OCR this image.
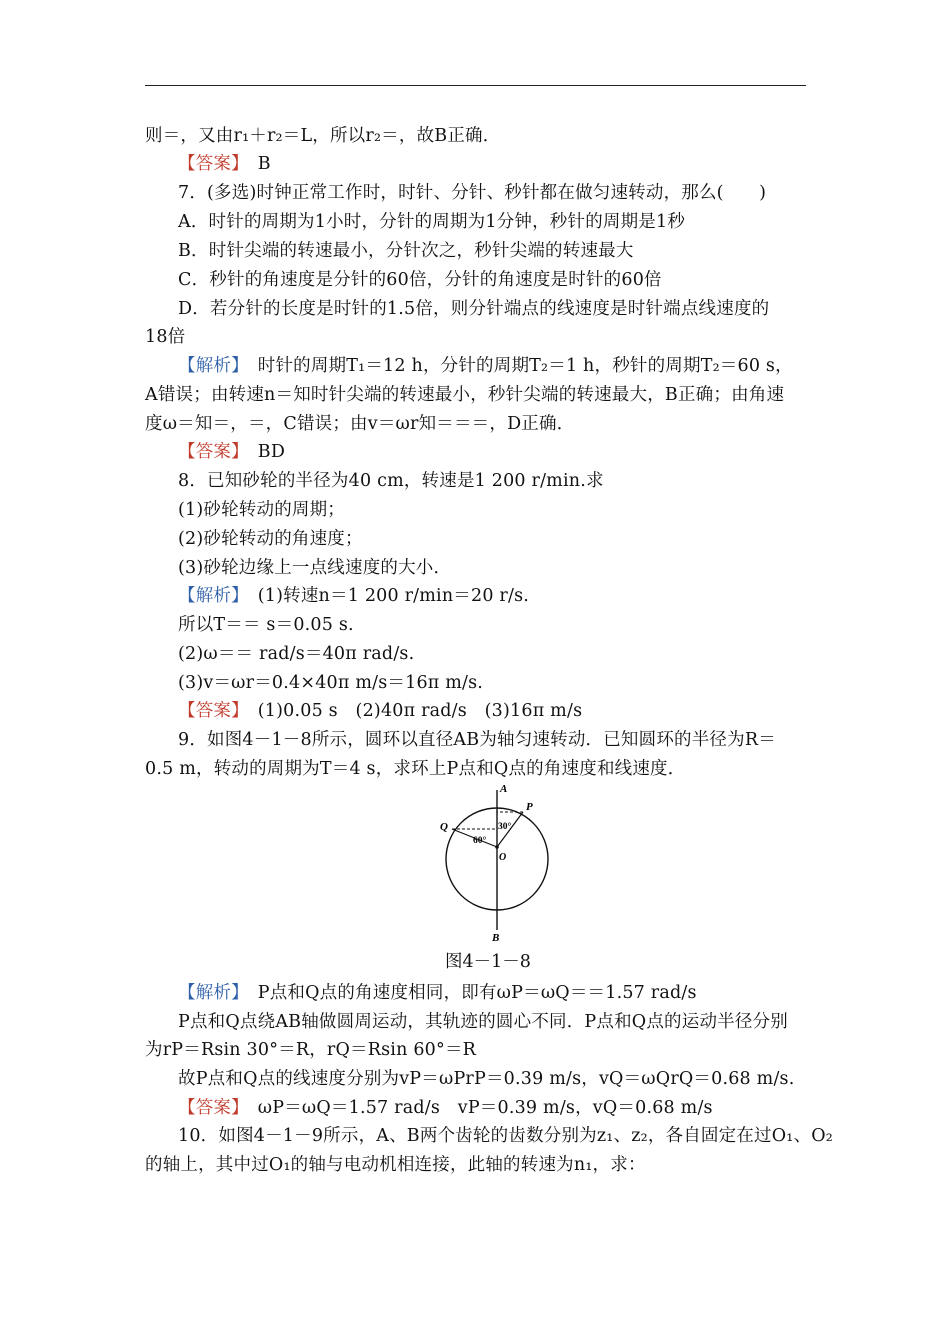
则＝，又由r₁＋r₂＝L，所以r₂＝，故B正确．
【答案】　B
7．(多选)时钟正常工作时，时针、分针、秒针都在做匀速转动，那么(　　)
A．时针的周期为1小时，分针的周期为1分钟，秒针的周期是1秒
B．时针尖端的转速最小，分针次之，秒针尖端的转速最大
C．秒针的角速度是分针的60倍，分针的角速度是时针的60倍
D．若分针的长度是时针的1.5倍，则分针端点的线速度是时针端点线速度的
18倍
【解析】　时针的周期T₁＝12 h，分针的周期T₂＝1 h，秒针的周期T₂＝60 s，
A错误；由转速n＝知时针尖端的转速最小，秒针尖端的转速最大，B正确；由角速
度ω＝知＝，＝，C错误；由v＝ωr知＝＝＝，D正确．
【答案】　BD
8．已知砂轮的半径为40 cm，转速是1 200 r/min.求
(1)砂轮转动的周期；
(2)砂轮转动的角速度；
(3)砂轮边缘上一点线速度的大小．
【解析】　(1)转速n＝1 200 r/min＝20 r/s.
所以T＝＝ s＝0.05 s.
(2)ω＝＝ rad/s＝40π rad/s.
(3)v＝ωr＝0.4×40π m/s＝16π m/s.
【答案】　(1)0.05 s　(2)40π rad/s　(3)16π m/s
9．如图4－1－8所示，圆环以直径AB为轴匀速转动．已知圆环的半径为R＝
0.5 m，转动的周期为T＝4 s，求环上P点和Q点的角速度和线速度．
A
B
P
Q
O
30°
60°
图4－1－8
【解析】　P点和Q点的角速度相同，即有ωP＝ωQ＝＝1.57 rad/s
P点和Q点绕AB轴做圆周运动，其轨迹的圆心不同．P点和Q点的运动半径分别
为rP＝Rsin 30°＝R，rQ＝Rsin 60°＝R
故P点和Q点的线速度分别为vP＝ωPrP＝0.39 m/s，vQ＝ωQrQ＝0.68 m/s.
【答案】　ωP＝ωQ＝1.57 rad/s　vP＝0.39 m/s，vQ＝0.68 m/s
10．如图4－1－9所示，A、B两个齿轮的齿数分别为z₁、z₂，各自固定在过O₁、O₂
的轴上，其中过O₁的轴与电动机相连接，此轴的转速为n₁，求：
